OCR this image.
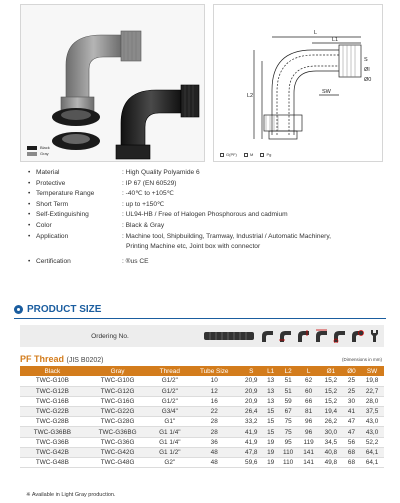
Black
Gray
L
L1
L2
S
ØI
Ø0
SW
G(PF)	M	Pg
• Material	: High Quality Polyamide 6
• Protective	: IP 67 (EN 60529)
• Temperature Range	: -40℃ to +105℃
• Short Term	: up to +150℃
• Self-Extinguishing	: UL94-HB / Free of Halogen Phosphorous and cadmium
• Color	: Black & Gray
• Application	: Machine tool, Shipbuilding, Tramway, Industrial / Automatic Machinery,
Printing Machine etc, Joint box with connector
• Certification	: ®us CE
PRODUCT SIZE
Ordering No.
PF Thread (JIS B0202)	(Dimensions in mm)
Black	Gray	Thread	Tube Size	S	L1	L2	L	Ø1	Ø0	SW
TWC-G10B	TWC-G10G	G1/2"	10	20,9	13	51	62	15,2	25	19,8
TWC-G12B	TWC-G12G	G1/2"	12	20,9	13	51	60	15,2	25	22,7
TWC-G16B	TWC-G16G	G1/2"	16	20,9	13	59	66	15,2	30	28,0
TWC-G22B	TWC-G22G	G3/4"	22	26,4	15	67	81	19,4	41	37,5
TWC-G28B	TWC-G28G	G1"	28	33,2	15	75	96	26,2	47	43,0
TWC-G36BB	TWC-G36BG	G1 1/4"	28	41,9	15	75	96	30,0	47	43,0
TWC-G36B	TWC-G36G	G1 1/4"	36	41,9	19	95	119	34,5	56	52,2
TWC-G42B	TWC-G42G	G1 1/2"	48	47,8	19	110	141	40,8	68	64,1
TWC-G48B	TWC-G48G	G2"	48	59,6	19	110	141	49,8	68	64,1
※ Available in Light Gray production.
